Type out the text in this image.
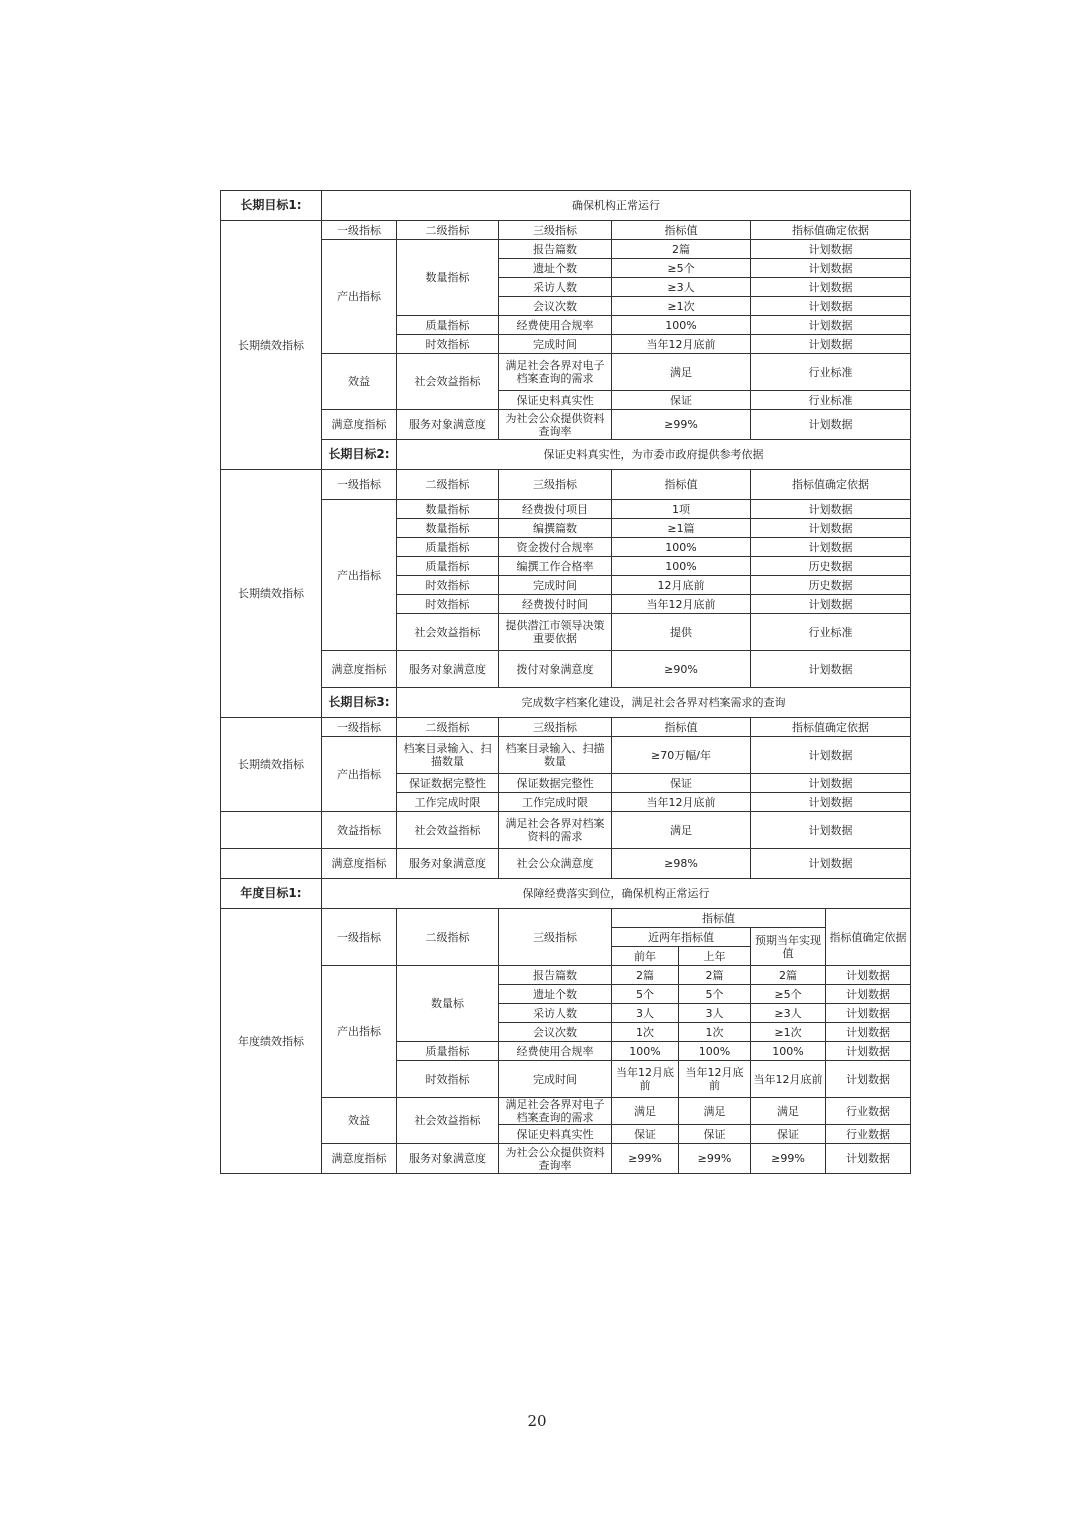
长期目标1:	确保机构正常运行						
长期绩效指标	一级指标	二级指标	三级指标	指标值		指标值确定依据	
	产出指标	数量指标	报告篇数	2篇		计划数据	
			遗址个数	≥5个		计划数据	
			采访人数	≥3人		计划数据	
			会议次数	≥1次		计划数据	
		质量指标	经费使用合规率	100%		计划数据	
		时效指标	完成时间	当年12月底前		计划数据	
	效益	社会效益指标	满足社会各界对电子档案查询的需求	满足		行业标准	
			保证史料真实性	保证		行业标准	
	满意度指标	服务对象满意度	为社会公众提供资料查询率	≥99%		计划数据	
	长期目标2:	保证史料真实性，为市委市政府提供参考依据					
长期绩效指标	一级指标	二级指标	三级指标	指标值		指标值确定依据	
	产出指标	数量指标	经费拨付项目	1项		计划数据	
		数量指标	编撰篇数	≥1篇		计划数据	
		质量指标	资金拨付合规率	100%		计划数据	
		质量指标	编撰工作合格率	100%		历史数据	
		时效指标	完成时间	12月底前		历史数据	
		时效指标	经费拨付时间	当年12月底前		计划数据	
		社会效益指标	提供潜江市领导决策重要依据	提供		行业标准	
	满意度指标	服务对象满意度	拨付对象满意度	≥90%		计划数据	
	长期目标3:	完成数字档案化建设，满足社会各界对档案需求的查询					
长期绩效指标	一级指标	二级指标	三级指标	指标值		指标值确定依据	
	产出指标	档案目录输入、扫描数量	档案目录输入、扫描数量	≥70万幅/年		计划数据	
		保证数据完整性	保证数据完整性	保证		计划数据	
		工作完成时限	工作完成时限	当年12月底前		计划数据	
	效益指标	社会效益指标	满足社会各界对档案资料的需求	满足		计划数据	
	满意度指标	服务对象满意度	社会公众满意度	≥98%		计划数据	
年度目标1:	保障经费落实到位，确保机构正常运行						
年度绩效指标	一级指标	二级指标	三级指标	指标值			指标值确定依据
				近两年指标值		预期当年实现值	
				前年	上年		
	产出指标	数量标	报告篇数	2篇	2篇	2篇	计划数据
			遗址个数	5个	5个	≥5个	计划数据
			采访人数	3人	3人	≥3人	计划数据
			会议次数	1次	1次	≥1次	计划数据
		质量指标	经费使用合规率	100%	100%	100%	计划数据
		时效指标	完成时间	当年12月底前	当年12月底前	当年12月底前	计划数据
	效益	社会效益指标	满足社会各界对电子档案查询的需求	满足	满足	满足	行业数据
			保证史料真实性	保证	保证	保证	行业数据
	满意度指标	服务对象满意度	为社会公众提供资料查询率	≥99%	≥99%	≥99%	计划数据
20
